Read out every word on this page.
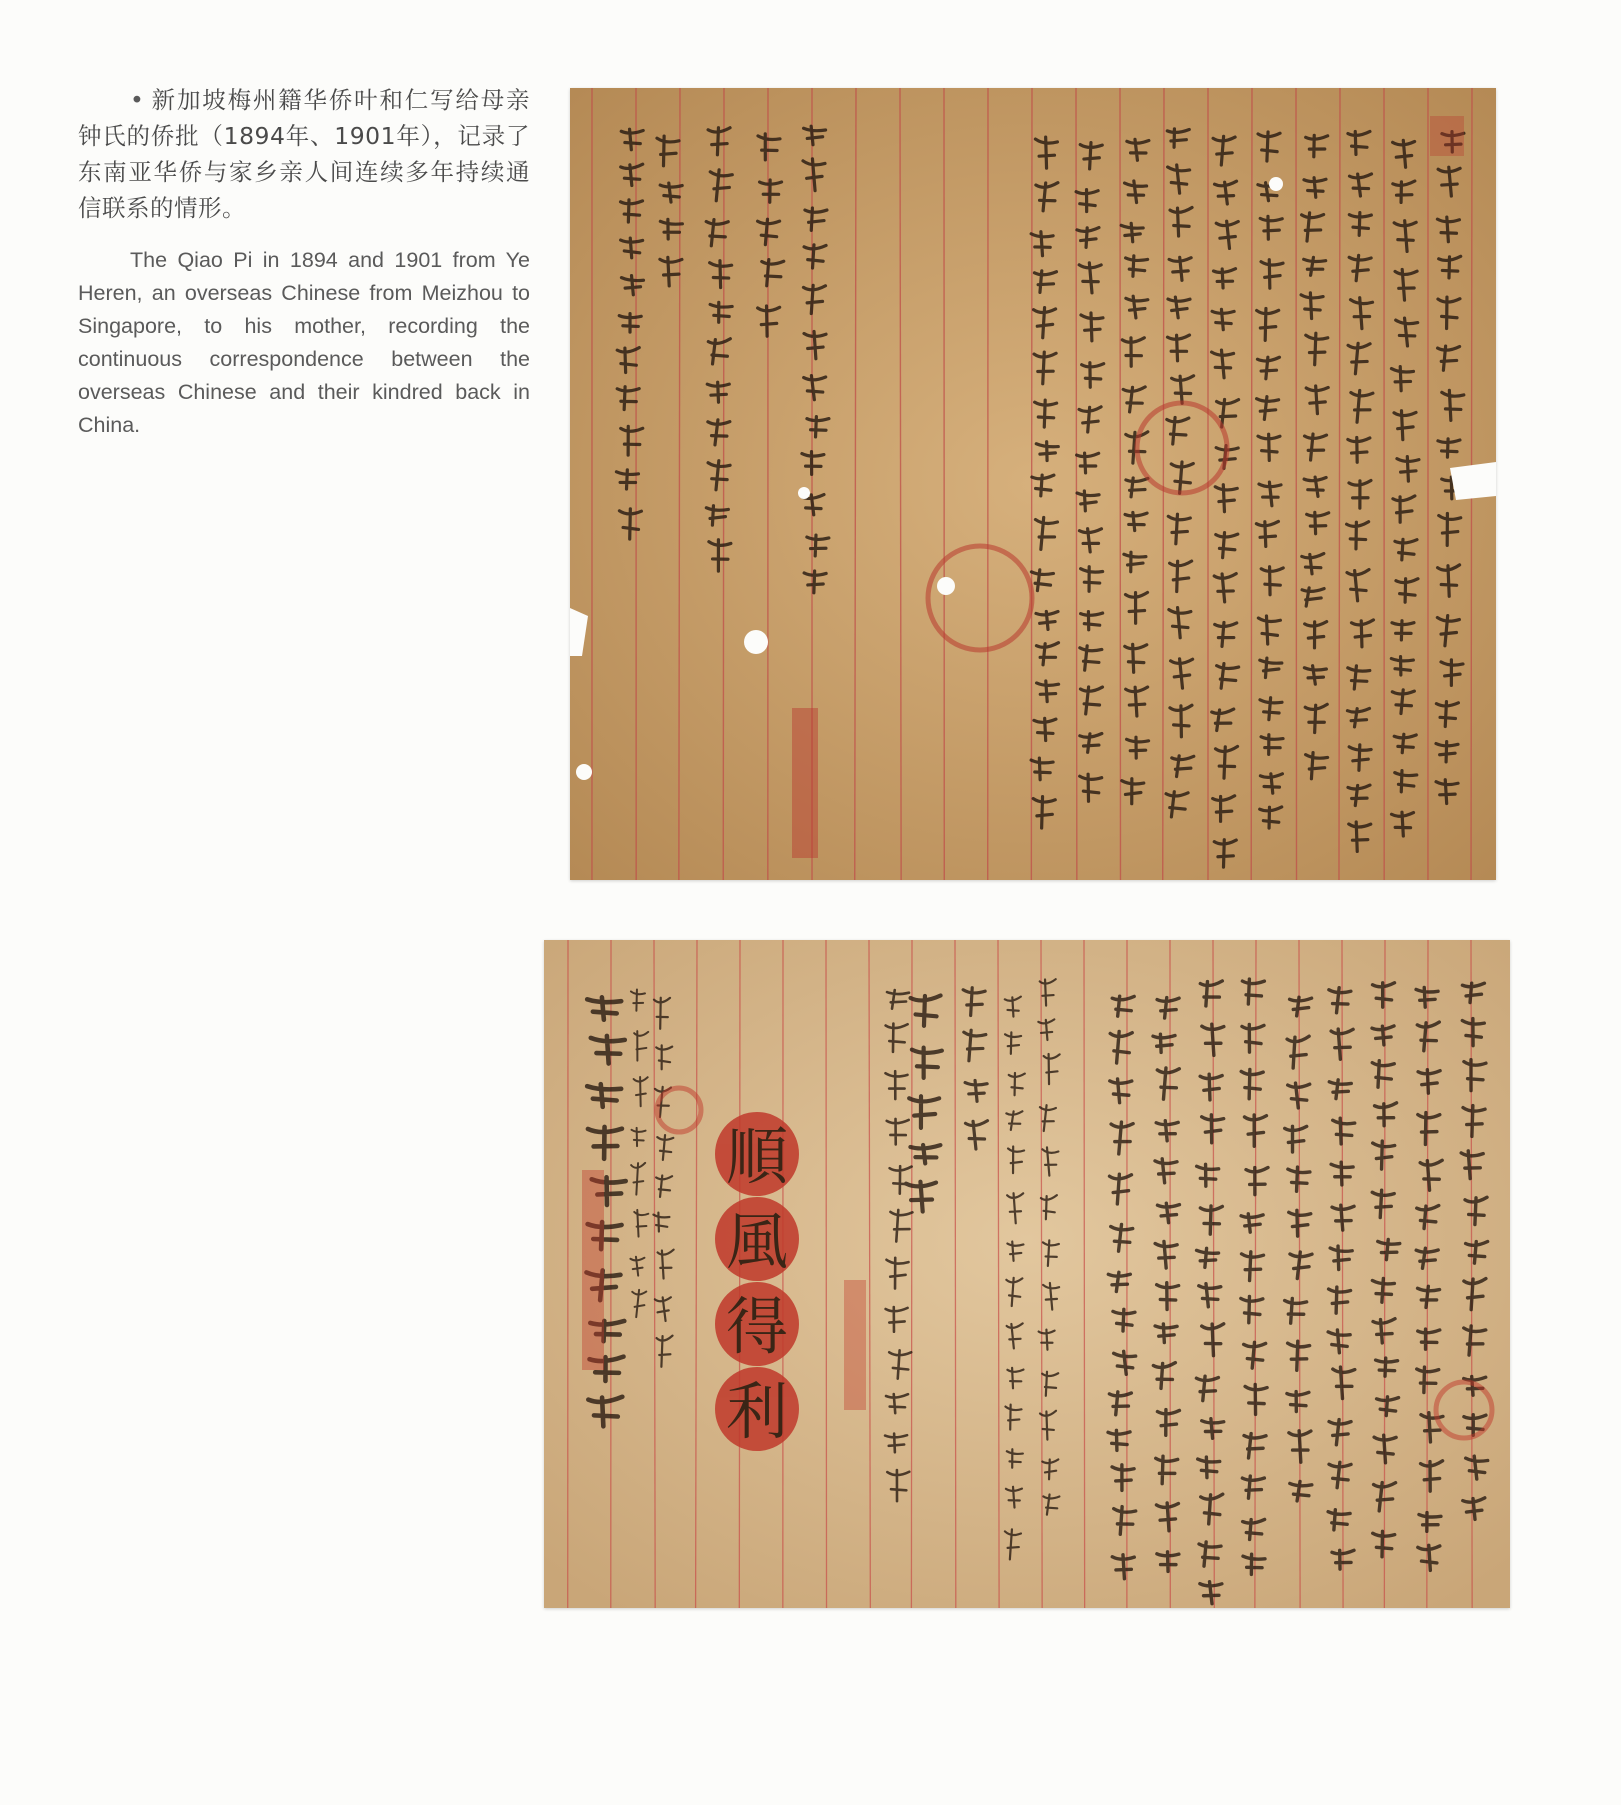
• 新加坡梅州籍华侨叶和仁写给母亲钟氏的侨批（1894年、1901年），记录了东南亚华侨与家乡亲人间连续多年持续通信联系的情形。

The Qiao Pi in 1894 and 1901 from Ye Heren, an overseas Chinese from Meizhou to Singapore, to his mother, recording the continuous correspondence between the overseas Chinese and their kindred back in China.

順
風
得
利
